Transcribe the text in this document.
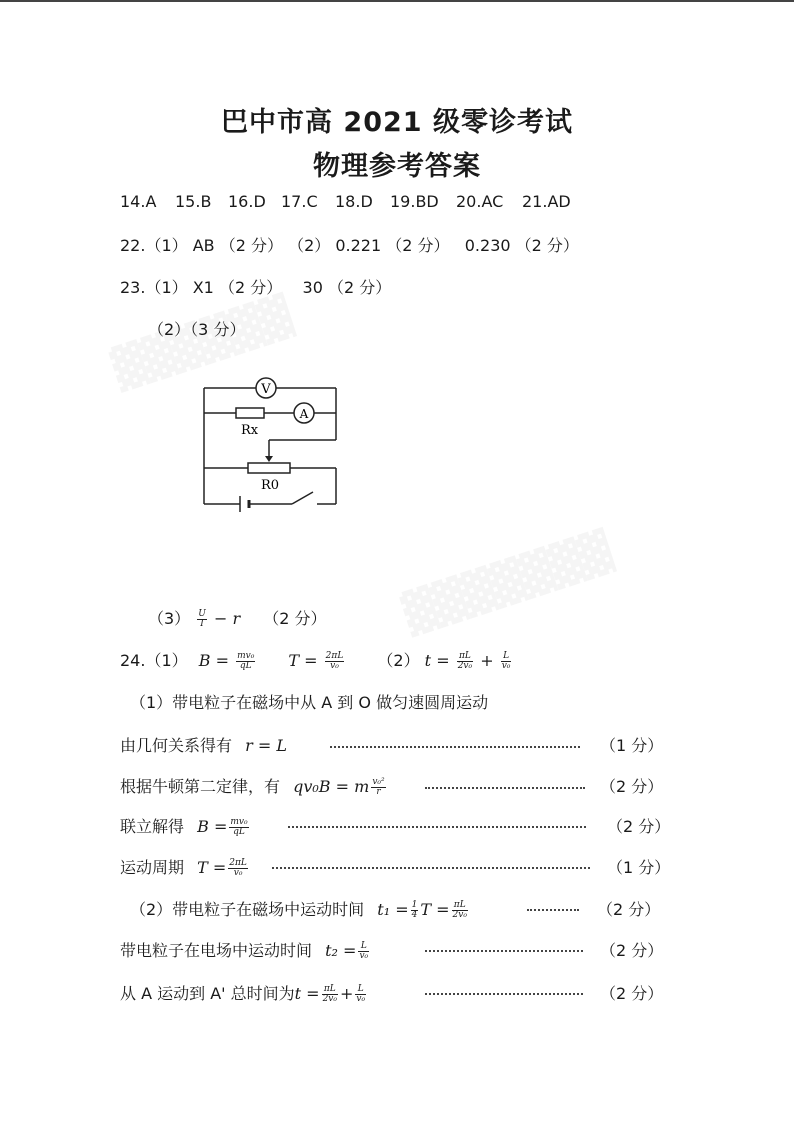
巴中市高 2021 级零诊考试
物理参考答案
14.A 15.B 16.D 17.C 18.D 19.BD 20.AC 21.AD
22.（1） AB （2 分） （2） 0.221 （2 分）   0.230 （2 分）
23.（1） X1 （2 分）    30 （2 分）
（2）（3 分）
V
A
Rx
R0
$(3) \frac{U}{I} - r$ （2 分）
24.（1） $B = \frac{\text{mv₀}}{qL}$ $T = \frac{2\pi L}{\text{v₀}} (2) t = \frac{\pi L}{\text{2v₀}} + \frac{L}{\text{v₀}}$
（1）带电粒子在磁场中从 A 到 O 做匀速圆周运动
由几何关系得有 r = L	（1 分）
根据牛顿第二定律，有 qv₀B = m $\frac{\text{v₀²}}{r}$	（2 分）
联立解得 $B = \frac{\text{mv₀}}{qL}$	（2 分）
运动周期 $T = \frac{2\pi L}{\text{v₀}}$	（1 分）
（2）带电粒子在磁场中运动时间 $t_1 = \frac{1}{4}$ $T = \frac{\pi L}{\text{2v₀}}$	（2 分）
带电粒子在电场中运动时间 $t_2 = \frac{L}{\text{v₀}}$	（2 分）
从 A 运动到 A' 总时间为$t = \frac{\pi L}{\text{2v₀}} + \frac{L}{\text{v₀}}$	（2 分）
